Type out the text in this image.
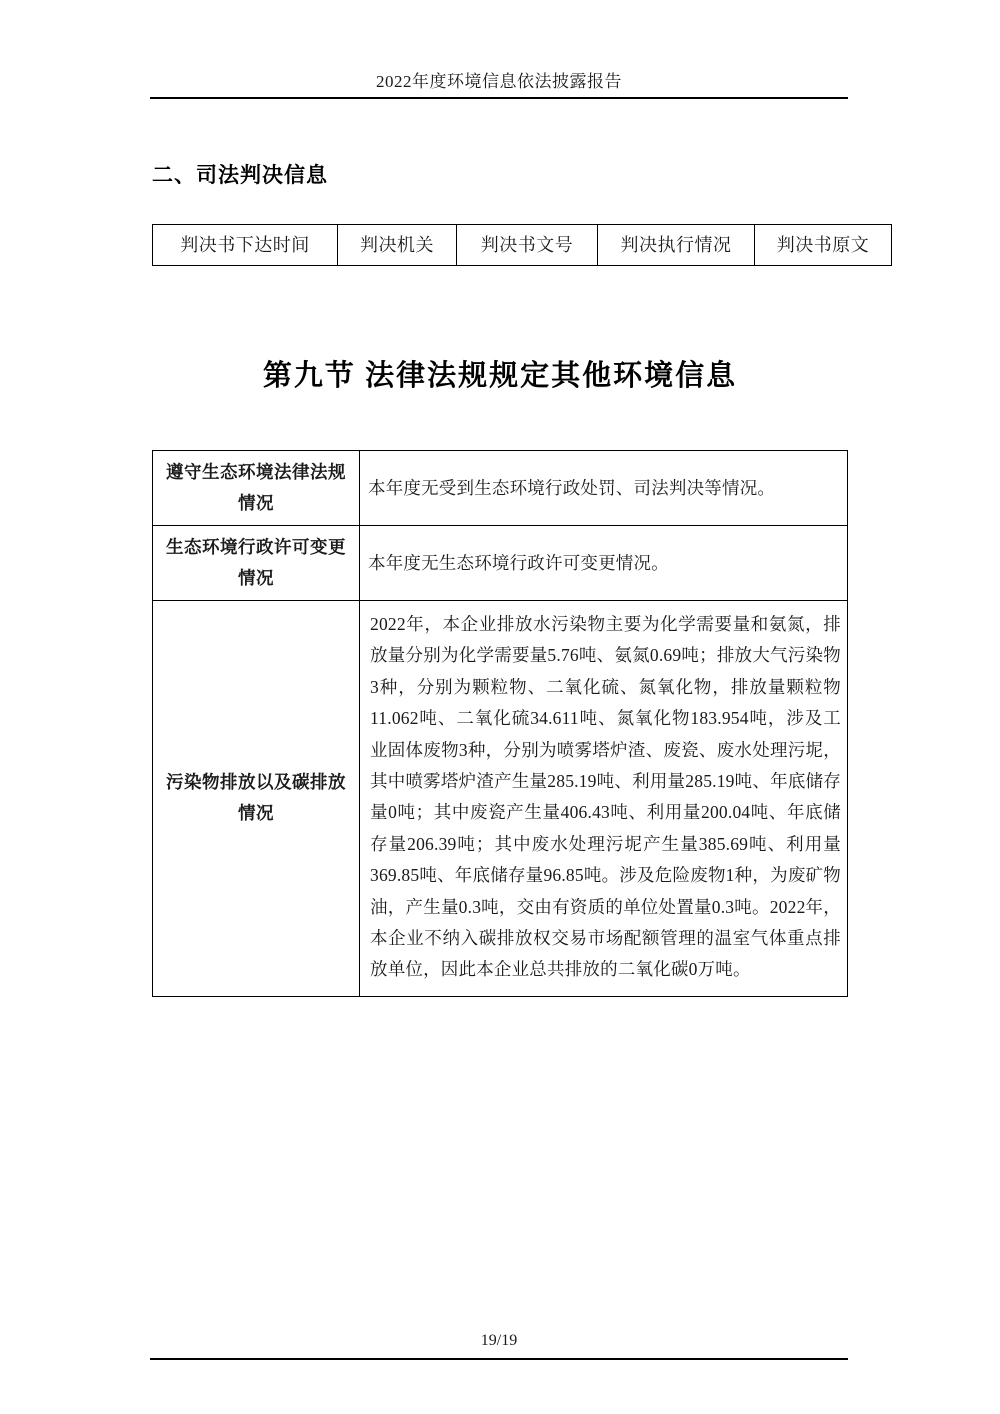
2022年度环境信息依法披露报告
二、司法判决信息
判决书下达时间	判决机关	判决书文号	判决执行情况	判决书原文
第九节 法律法规规定其他环境信息
遵守生态环境法律法规情况	本年度无受到生态环境行政处罚、司法判决等情况。
生态环境行政许可变更情况	本年度无生态环境行政许可变更情况。
污染物排放以及碳排放情况	2022年，本企业排放水污染物主要为化学需要量和氨氮，排放量分别为化学需要量5.76吨、氨氮0.69吨；排放大气污染物3种，分别为颗粒物、二氧化硫、氮氧化物，排放量颗粒物11.062吨、二氧化硫34.611吨、氮氧化物183.954吨，涉及工业固体废物3种，分别为喷雾塔炉渣、废瓷、废水处理污坭，其中喷雾塔炉渣产生量285.19吨、利用量285.19吨、年底储存量0吨；其中废瓷产生量406.43吨、利用量200.04吨、年底储存量206.39吨；其中废水处理污坭产生量385.69吨、利用量369.85吨、年底储存量96.85吨。涉及危险废物1种，为废矿物油，产生量0.3吨，交由有资质的单位处置量0.3吨。2022年，本企业不纳入碳排放权交易市场配额管理的温室气体重点排放单位，因此本企业总共排放的二氧化碳0万吨。
19/19
